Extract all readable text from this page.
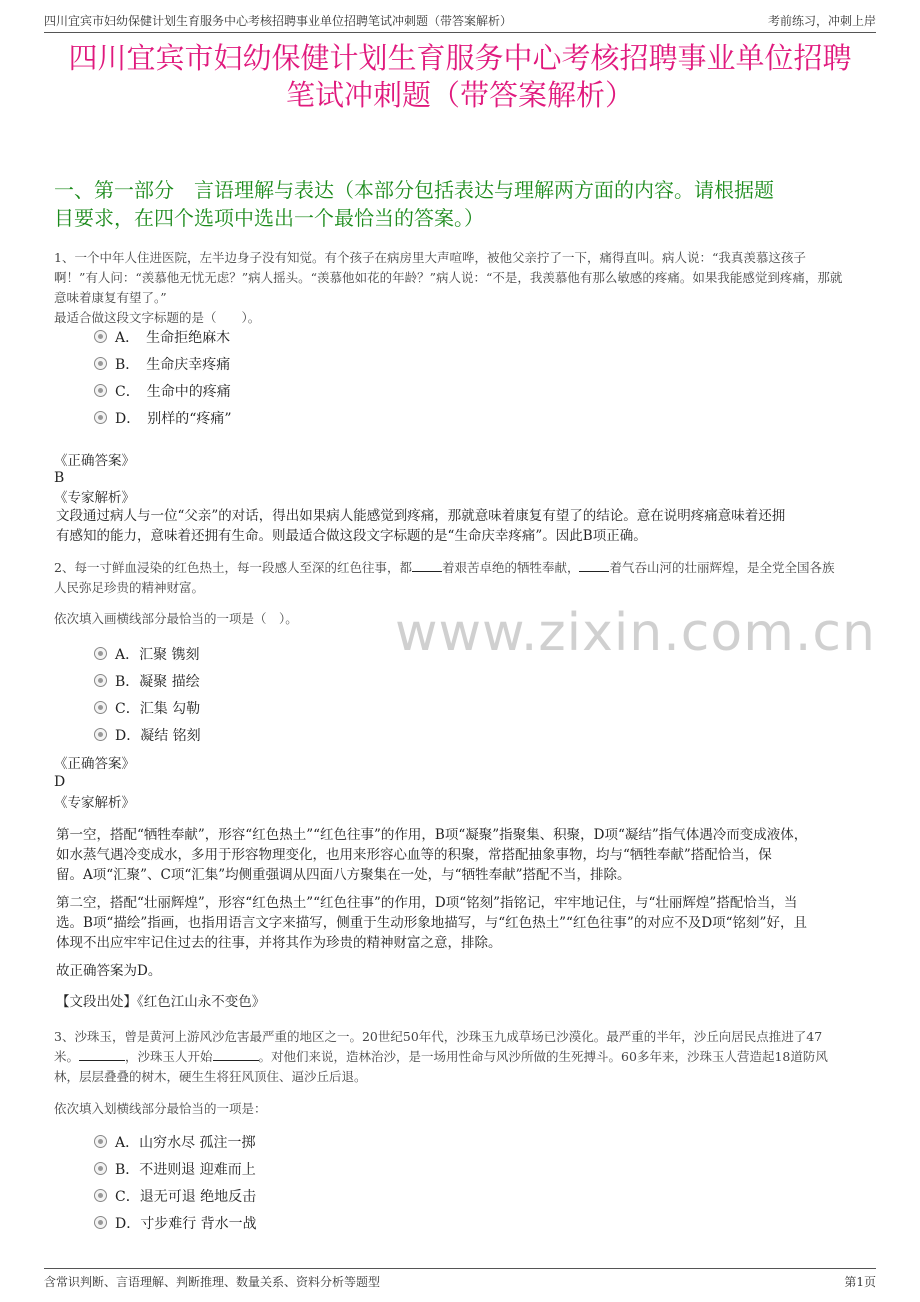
四川宜宾市妇幼保健计划生育服务中心考核招聘事业单位招聘笔试冲刺题（带答案解析）	考前练习，冲刺上岸
四川宜宾市妇幼保健计划生育服务中心考核招聘事业单位招聘
笔试冲刺题（带答案解析）
一、第一部分　言语理解与表达（本部分包括表达与理解两方面的内容。请根据题
目要求，在四个选项中选出一个最恰当的答案。）
1、一个中年人住进医院，左半边身子没有知觉。有个孩子在病房里大声喧哗，被他父亲拧了一下，痛得直叫。病人说：“我真羡慕这孩子
啊！”有人问：“羡慕他无忧无虑？”病人摇头。“羡慕他如花的年龄？”病人说：“不是，我羡慕他有那么敏感的疼痛。如果我能感觉到疼痛，那就
意味着康复有望了。”
最适合做这段文字标题的是（　　）。
A．　生命拒绝麻木
B．　生命庆幸疼痛
C．　生命中的疼痛
D．　别样的“疼痛”
《正确答案》
B
《专家解析》
文段通过病人与一位“父亲”的对话，得出如果病人能感觉到疼痛，那就意味着康复有望了的结论。意在说明疼痛意味着还拥
有感知的能力，意味着还拥有生命。则最适合做这段文字标题的是“生命庆幸疼痛”。因此B项正确。
2、每一寸鲜血浸染的红色热土，每一段感人至深的红色往事，都 着艰苦卓绝的牺牲奉献， 着气吞山河的壮丽辉煌，是全党全国各族
人民弥足珍贵的精神财富。
依次填入画横线部分最恰当的一项是（　）。	www.zixin.com.cn
A．汇聚 镌刻
B．凝聚 描绘
C．汇集 勾勒
D．凝结 铭刻
《正确答案》
D
《专家解析》
第一空，搭配“牺牲奉献”，形容“红色热土”“红色往事”的作用，B项“凝聚”指聚集、积聚，D项“凝结”指气体遇冷而变成液体，
如水蒸气遇冷变成水，多用于形容物理变化，也用来形容心血等的积聚，常搭配抽象事物，均与“牺牲奉献”搭配恰当，保
留。A项“汇聚”、C项“汇集”均侧重强调从四面八方聚集在一处，与“牺牲奉献”搭配不当，排除。
第二空，搭配“壮丽辉煌”，形容“红色热土”“红色往事”的作用，D项“铭刻”指铭记，牢牢地记住，与“壮丽辉煌”搭配恰当，当
选。B项“描绘”指画，也指用语言文字来描写，侧重于生动形象地描写，与“红色热土”“红色往事”的对应不及D项“铭刻”好，且
体现不出应牢牢记住过去的往事，并将其作为珍贵的精神财富之意，排除。
故正确答案为D。
【文段出处】《红色江山永不变色》
3、沙珠玉，曾是黄河上游风沙危害最严重的地区之一。20世纪50年代，沙珠玉九成草场已沙漠化。最严重的半年，沙丘向居民点推进了47
米。	，沙珠玉人开始	。对他们来说，造林治沙，是一场用性命与风沙所做的生死搏斗。60多年来，沙珠玉人营造起18道防风
林，层层叠叠的树木，硬生生将狂风顶住、逼沙丘后退。
依次填入划横线部分最恰当的一项是：
A．山穷水尽 孤注一掷
B．不进则退 迎难而上
C．退无可退 绝地反击
D．寸步难行 背水一战
含常识判断、言语理解、判断推理、数量关系、资料分析等题型	第1页
